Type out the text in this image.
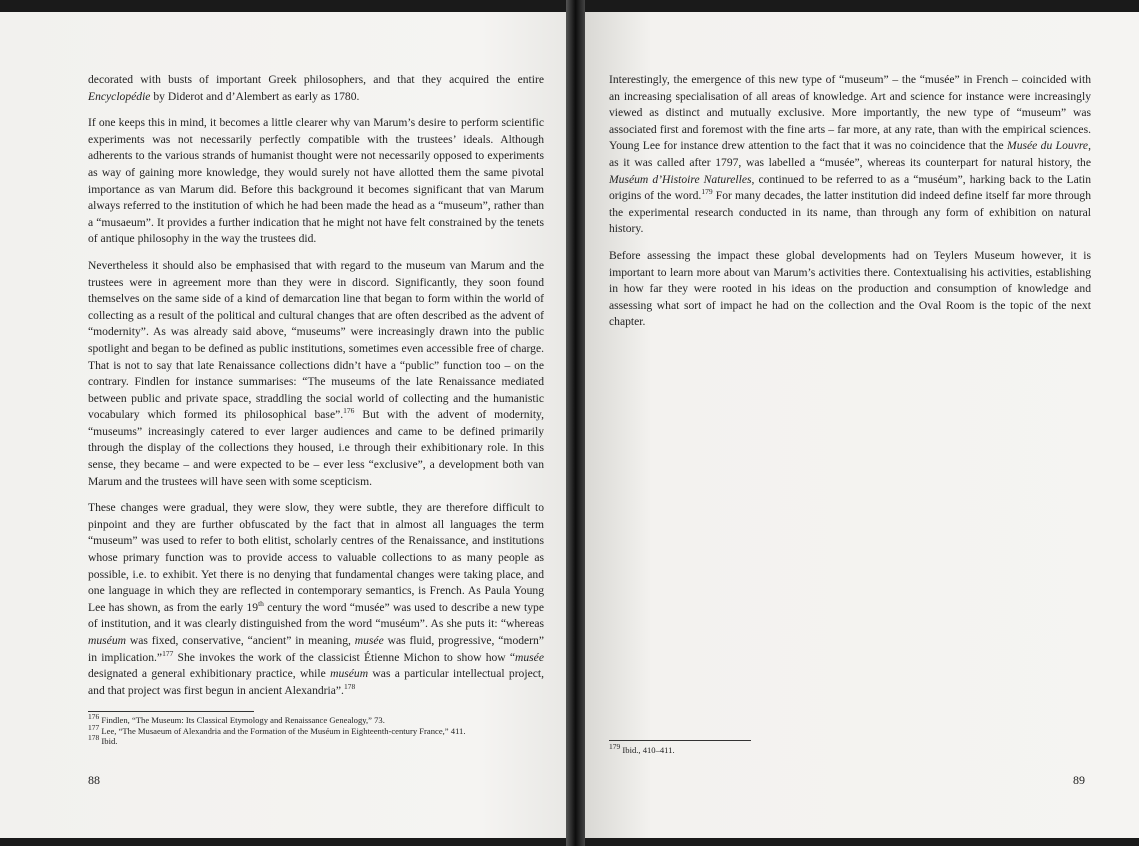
decorated with busts of important Greek philosophers, and that they acquired the entire Encyclopédie by Diderot and d’Alembert as early as 1780.

If one keeps this in mind, it becomes a little clearer why van Marum’s desire to perform scientific experiments was not necessarily perfectly compatible with the trustees’ ideals. Although adherents to the various strands of humanist thought were not necessarily opposed to experiments as way of gaining more knowledge, they would surely not have allotted them the same pivotal importance as van Marum did. Before this background it becomes significant that van Marum always referred to the institution of which he had been made the head as a “museum”, rather than a “musaeum”. It provides a further indication that he might not have felt constrained by the tenets of antique philosophy in the way the trustees did.

Nevertheless it should also be emphasised that with regard to the museum van Marum and the trustees were in agreement more than they were in discord. Significantly, they soon found themselves on the same side of a kind of demarcation line that began to form within the world of collecting as a result of the political and cultural changes that are often described as the advent of “modernity”. As was already said above, “museums” were increasingly drawn into the public spotlight and began to be defined as public institutions, sometimes even accessible free of charge. That is not to say that late Renaissance collections didn’t have a “public” function too – on the contrary. Findlen for instance summarises: “The museums of the late Renaissance mediated between public and private space, straddling the social world of collecting and the humanistic vocabulary which formed its philosophical base”.$^{176}$ But with the advent of modernity, “museums” increasingly catered to ever larger audiences and came to be defined primarily through the display of the collections they housed, i.e through their exhibitionary role. In this sense, they became – and were expected to be – ever less “exclusive”, a development both van Marum and the trustees will have seen with some scepticism.

These changes were gradual, they were slow, they were subtle, they are therefore difficult to pinpoint and they are further obfuscated by the fact that in almost all languages the term “museum” was used to refer to both elitist, scholarly centres of the Renaissance, and institutions whose primary function was to provide access to valuable collections to as many people as possible, i.e. to exhibit. Yet there is no denying that fundamental changes were taking place, and one language in which they are reflected in contemporary semantics, is French. As Paula Young Lee has shown, as from the early 19th century the word “musée” was used to describe a new type of institution, and it was clearly distinguished from the word “muséum”. As she puts it: “whereas muséum was fixed, conservative, “ancient” in meaning, musée was fluid, progressive, “modern” in implication.”$^{177}$ She invokes the work of the classicist Étienne Michon to show how “musée designated a general exhibitionary practice, while muséum was a particular intellectual project, and that project was first begun in ancient Alexandria”.$^{178}$

$^{176}$ Findlen, “The Museum: Its Classical Etymology and Renaissance Genealogy,” 73.
$^{177}$ Lee, “The Musaeum of Alexandria and the Formation of the Muséum in Eighteenth-century France,” 411.
$^{178}$ Ibid.
88

Interestingly, the emergence of this new type of “museum” – the “musée” in French – coincided with an increasing specialisation of all areas of knowledge. Art and science for instance were increasingly viewed as distinct and mutually exclusive. More importantly, the new type of “museum” was associated first and foremost with the fine arts – far more, at any rate, than with the empirical sciences. Young Lee for instance drew attention to the fact that it was no coincidence that the Musée du Louvre, as it was called after 1797, was labelled a “musée”, whereas its counterpart for natural history, the Muséum d’Histoire Naturelles, continued to be referred to as a “muséum”, harking back to the Latin origins of the word.$^{179}$ For many decades, the latter institution did indeed define itself far more through the experimental research conducted in its name, than through any form of exhibition on natural history.

Before assessing the impact these global developments had on Teylers Museum however, it is important to learn more about van Marum’s activities there. Contextualising his activities, establishing in how far they were rooted in his ideas on the production and consumption of knowledge and assessing what sort of impact he had on the collection and the Oval Room is the topic of the next chapter.

$^{179}$ Ibid., 410–411.
89
